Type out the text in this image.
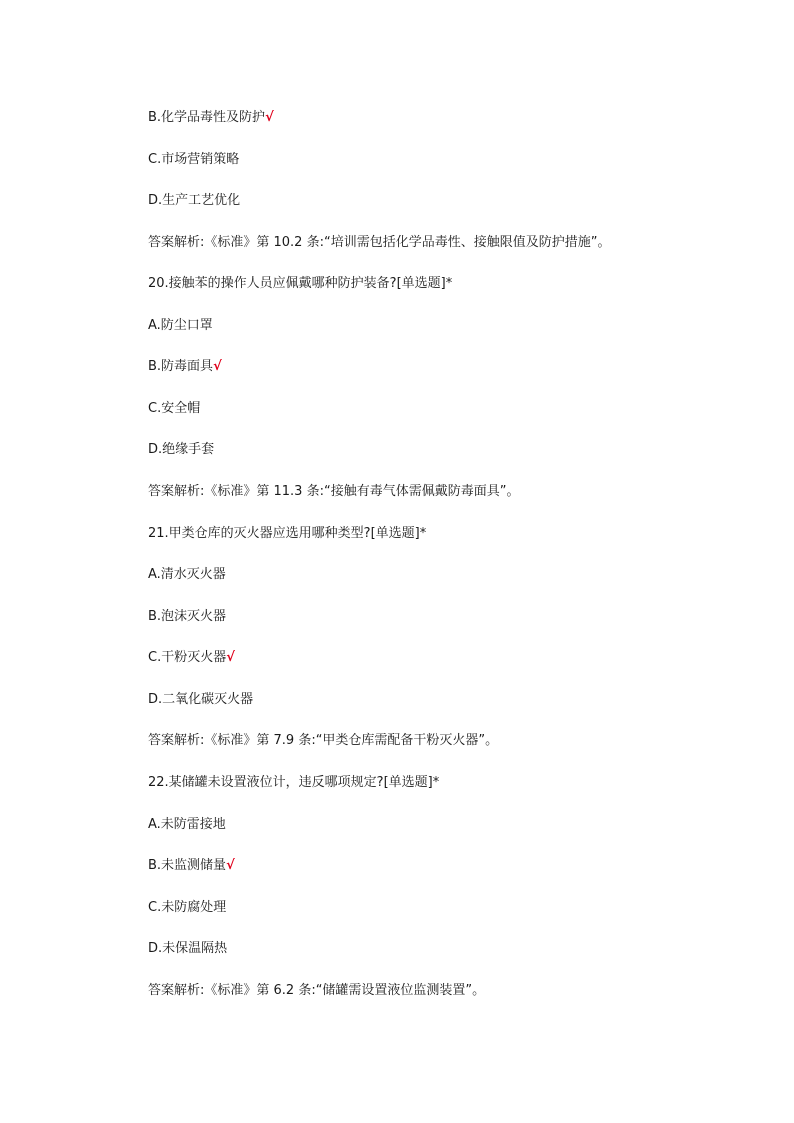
B.化学品毒性及防护√
C.市场营销策略
D.生产工艺优化
答案解析:《标准》第 10.2 条:“培训需包括化学品毒性、接触限值及防护措施”。
20.接触苯的操作人员应佩戴哪种防护装备?[单选题]*
A.防尘口罩
B.防毒面具√
C.安全帽
D.绝缘手套
答案解析:《标准》第 11.3 条:“接触有毒气体需佩戴防毒面具”。
21.甲类仓库的灭火器应选用哪种类型?[单选题]*
A.清水灭火器
B.泡沫灭火器
C.干粉灭火器√
D.二氧化碳灭火器
答案解析:《标准》第 7.9 条:“甲类仓库需配备干粉灭火器”。
22.某储罐未设置液位计，违反哪项规定?[单选题]*
A.未防雷接地
B.未监测储量√
C.未防腐处理
D.未保温隔热
答案解析:《标准》第 6.2 条:“储罐需设置液位监测装置”。
